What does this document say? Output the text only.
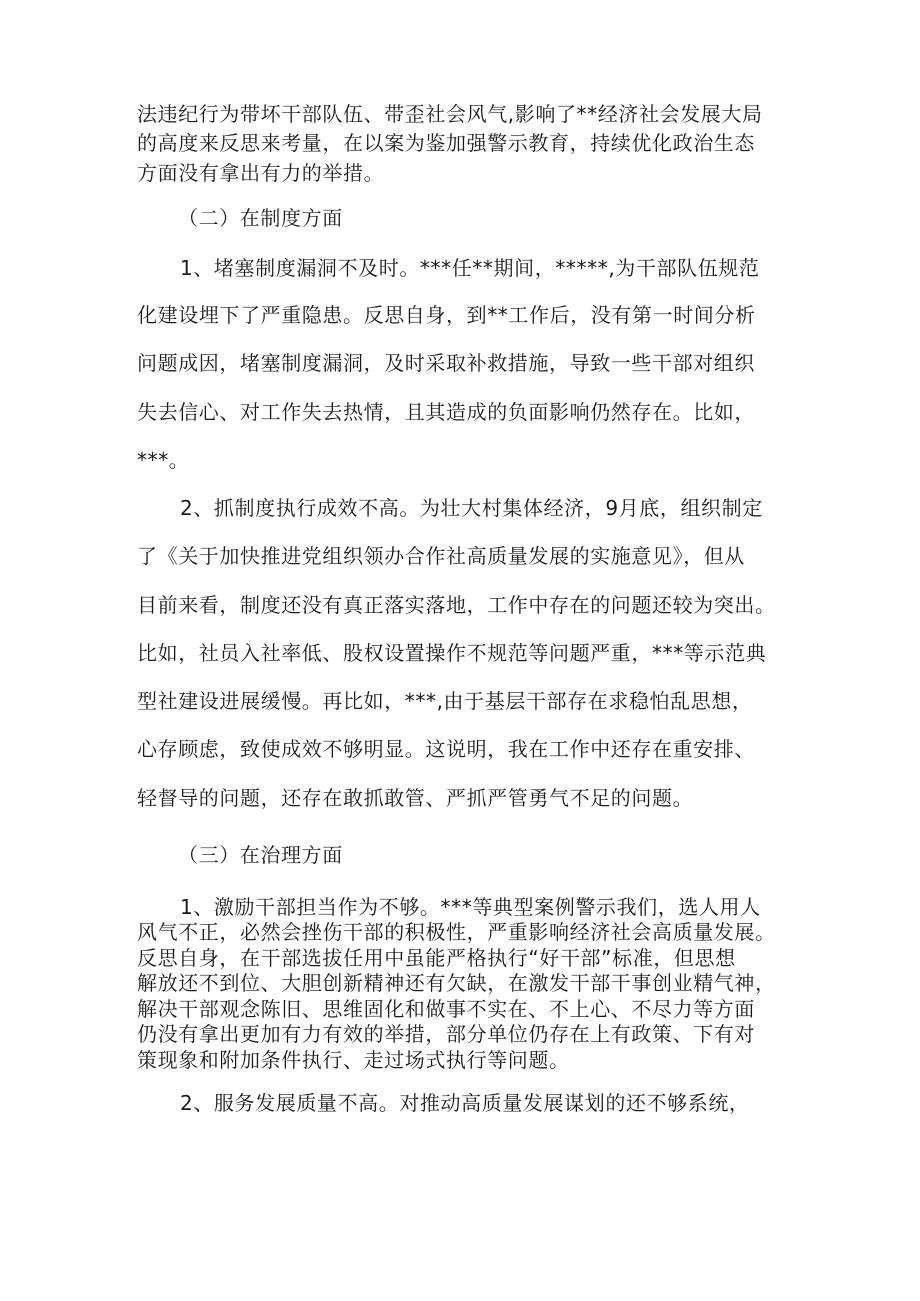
法违纪行为带坏干部队伍、带歪社会风气,影响了**经济社会发展大局
的高度来反思来考量，在以案为鉴加强警示教育，持续优化政治生态
方面没有拿出有力的举措。
（二）在制度方面
1、堵塞制度漏洞不及时。***任**期间，*****,为干部队伍规范
化建设埋下了严重隐患。反思自身，到**工作后，没有第一时间分析
问题成因，堵塞制度漏洞，及时采取补救措施，导致一些干部对组织
失去信心、对工作失去热情，且其造成的负面影响仍然存在。比如，
***。
2、抓制度执行成效不高。为壮大村集体经济，9月底，组织制定
了《关于加快推进党组织领办合作社高质量发展的实施意见》，但从
目前来看，制度还没有真正落实落地，工作中存在的问题还较为突出。
比如，社员入社率低、股权设置操作不规范等问题严重，***等示范典
型社建设进展缓慢。再比如，***,由于基层干部存在求稳怕乱思想，
心存顾虑，致使成效不够明显。这说明，我在工作中还存在重安排、
轻督导的问题，还存在敢抓敢管、严抓严管勇气不足的问题。
（三）在治理方面
1、激励干部担当作为不够。***等典型案例警示我们，选人用人
风气不正，必然会挫伤干部的积极性，严重影响经济社会高质量发展。
反思自身，在干部选拔任用中虽能严格执行“好干部”标准，但思想
解放还不到位、大胆创新精神还有欠缺，在激发干部干事创业精气神，
解决干部观念陈旧、思维固化和做事不实在、不上心、不尽力等方面
仍没有拿出更加有力有效的举措，部分单位仍存在上有政策、下有对
策现象和附加条件执行、走过场式执行等问题。
2、服务发展质量不高。对推动高质量发展谋划的还不够系统，
